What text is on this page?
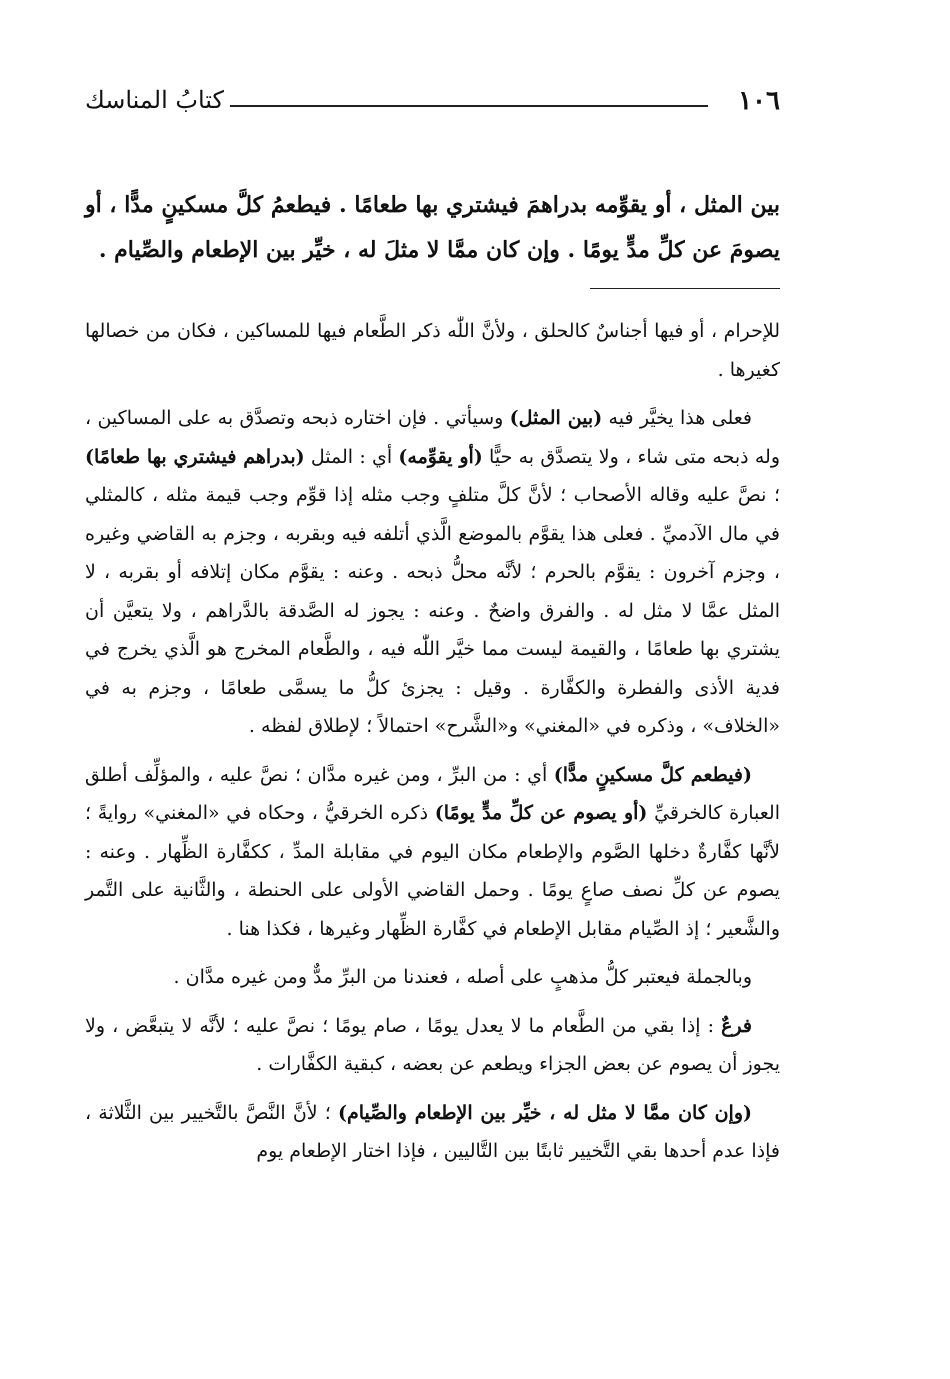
١٠٦
كتابُ المناسك
بين المثل ، أو يقوِّمه بدراهمَ فيشتري بها طعامًا . فيطعمُ كلَّ مسكينٍ مدًّا ، أو يصومَ عن كلِّ مدٍّ يومًا . وإن كان ممَّا لا مثلَ له ، خيِّر بين الإطعام والصِّيام .

للإحرام ، أو فيها أجناسٌ كالحلق ، ولأنَّ اللّٰه ذكر الطَّعام فيها للمساكين ، فكان من خصالها كغيرها .

فعلى هذا يخيَّر فيه (بين المثل) وسيأتي . فإن اختاره ذبحه وتصدَّق به على المساكين ، وله ذبحه متى شاء ، ولا يتصدَّق به حيًّا (أو يقوِّمه) أي : المثل (بدراهم فيشتري بها طعامًا) ؛ نصَّ عليه وقاله الأصحاب ؛ لأنَّ كلَّ متلفٍ وجب مثله إذا قوِّم وجب قيمة مثله ، كالمثلي في مال الآدميِّ . فعلى هذا يقوَّم بالموضع الَّذي أتلفه فيه وبقربه ، وجزم به القاضي وغيره ، وجزم آخرون : يقوَّم بالحرم ؛ لأنَّه محلُّ ذبحه . وعنه : يقوَّم مكان إتلافه أو بقربه ، لا المثل عمَّا لا مثل له . والفرق واضحٌ . وعنه : يجوز له الصَّدقة بالدَّراهم ، ولا يتعيَّن أن يشتري بها طعامًا ، والقيمة ليست مما خيَّر اللّٰه فيه ، والطَّعام المخرج هو الَّذي يخرج في فدية الأذى والفطرة والكفَّارة . وقيل : يجزئ كلُّ ما يسمَّى طعامًا ، وجزم به في «الخلاف» ، وذكره في «المغني» و«الشَّرح» احتمالاً ؛ لإطلاق لفظه .

(فيطعم كلَّ مسكينٍ مدًّا) أي : من البرِّ ، ومن غيره مدَّان ؛ نصَّ عليه ، والمؤلِّف أطلق العبارة كالخرقيِّ (أو يصوم عن كلِّ مدٍّ يومًا) ذكره الخرقيُّ ، وحكاه في «المغني» روايةً ؛ لأنَّها كفَّارةٌ دخلها الصَّوم والإطعام مكان اليوم في مقابلة المدِّ ، ككفَّارة الظِّهار . وعنه : يصوم عن كلِّ نصف صاعٍ يومًا . وحمل القاضي الأولى على الحنطة ، والثَّانية على التَّمر والشَّعير ؛ إذ الصِّيام مقابل الإطعام في كفَّارة الظِّهار وغيرها ، فكذا هنا .

وبالجملة فيعتبر كلُّ مذهبٍ على أصله ، فعندنا من البرِّ مدٌّ ومن غيره مدَّان .

فرعٌ : إذا بقي من الطَّعام ما لا يعدل يومًا ، صام يومًا ؛ نصَّ عليه ؛ لأنَّه لا يتبعَّض ، ولا يجوز أن يصوم عن بعض الجزاء ويطعم عن بعضه ، كبقية الكفَّارات .

(وإن كان ممَّا لا مثل له ، خيِّر بين الإطعام والصِّيام) ؛ لأنَّ النَّصَّ بالتَّخيير بين الثَّلاثة ، فإذا عدم أحدها بقي التَّخيير ثابتًا بين التَّاليين ، فإذا اختار الإطعام يوم
